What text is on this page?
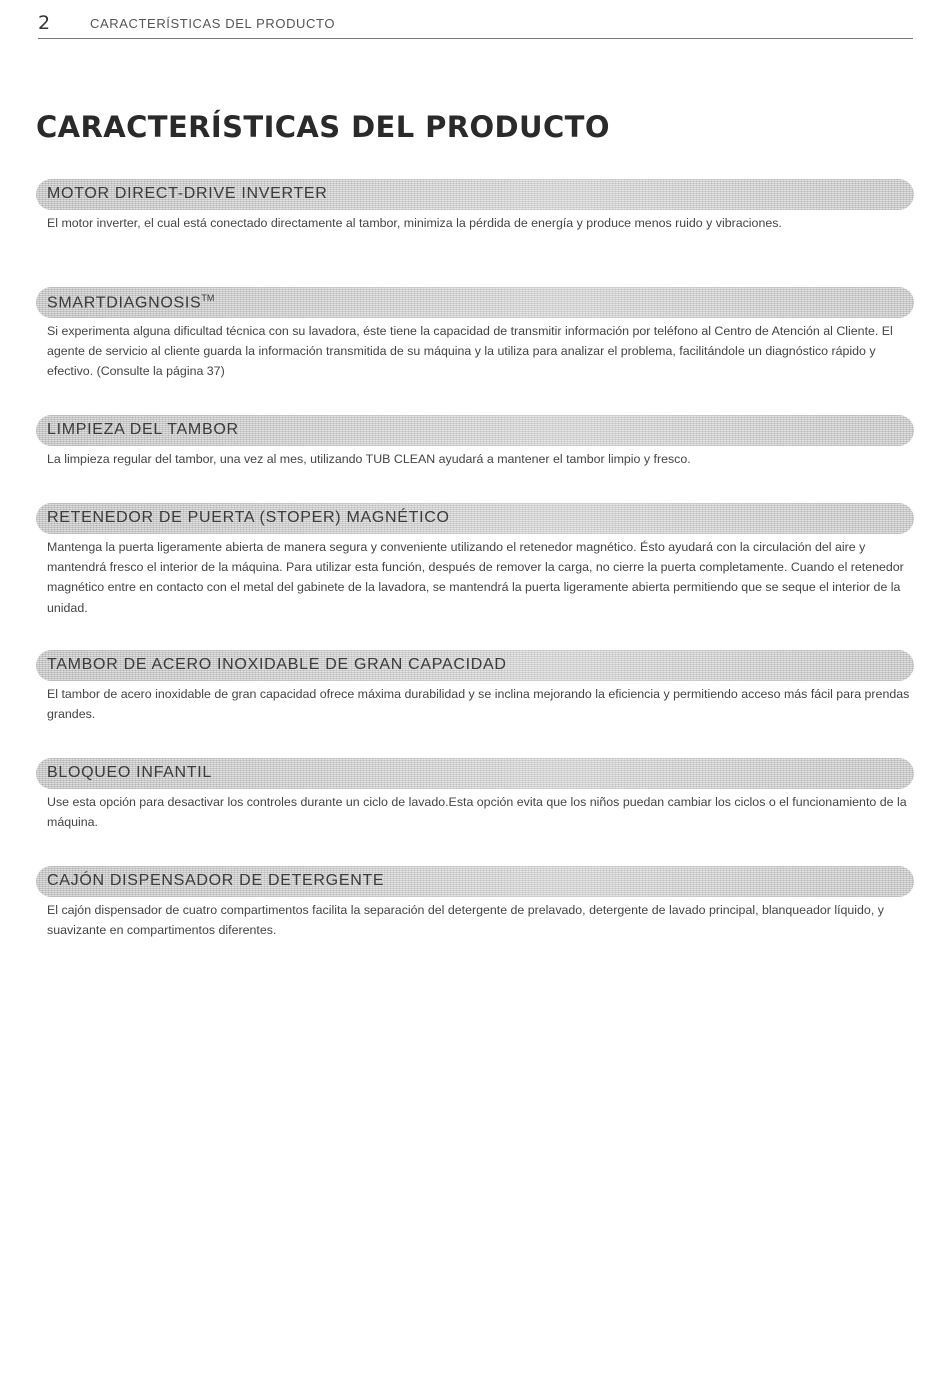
2	CARACTERÍSTICAS DEL PRODUCTO
CARACTERÍSTICAS DEL PRODUCTO
MOTOR DIRECT-DRIVE INVERTER

El motor inverter, el cual está conectado directamente al tambor, minimiza la pérdida de energía y produce menos ruido y vibraciones.

SMARTDIAGNOSIS™

Si experimenta alguna dificultad técnica con su lavadora, éste tiene la capacidad de transmitir información por teléfono al Centro de Atención al Cliente. El agente de servicio al cliente guarda la información transmitida de su máquina y la utiliza para analizar el problema, facilitándole un diagnóstico rápido y efectivo. (Consulte la página 37)

LIMPIEZA DEL TAMBOR

La limpieza regular del tambor, una vez al mes, utilizando TUB CLEAN ayudará a mantener el tambor limpio y fresco.

RETENEDOR DE PUERTA (STOPER) MAGNÉTICO

Mantenga la puerta ligeramente abierta de manera segura y conveniente utilizando el retenedor magnético. Ésto ayudará con la circulación del aire y mantendrá fresco el interior de la máquina. Para utilizar esta función, después de remover la carga, no cierre la puerta completamente. Cuando el retenedor magnético entre en contacto con el metal del gabinete de la lavadora, se mantendrá la puerta ligeramente abierta permitiendo que se seque el interior de la unidad.

TAMBOR DE ACERO INOXIDABLE DE GRAN CAPACIDAD

El tambor de acero inoxidable de gran capacidad ofrece máxima durabilidad y se inclina mejorando la eficiencia y permitiendo acceso más fácil para prendas grandes.

BLOQUEO INFANTIL

Use esta opción para desactivar los controles durante un ciclo de lavado.Esta opción evita que los niños puedan cambiar los ciclos o el funcionamiento de la máquina.

CAJÓN DISPENSADOR DE DETERGENTE

El cajón dispensador de cuatro compartimentos facilita la separación del detergente de prelavado, detergente de lavado principal, blanqueador líquido, y suavizante en compartimentos diferentes.
